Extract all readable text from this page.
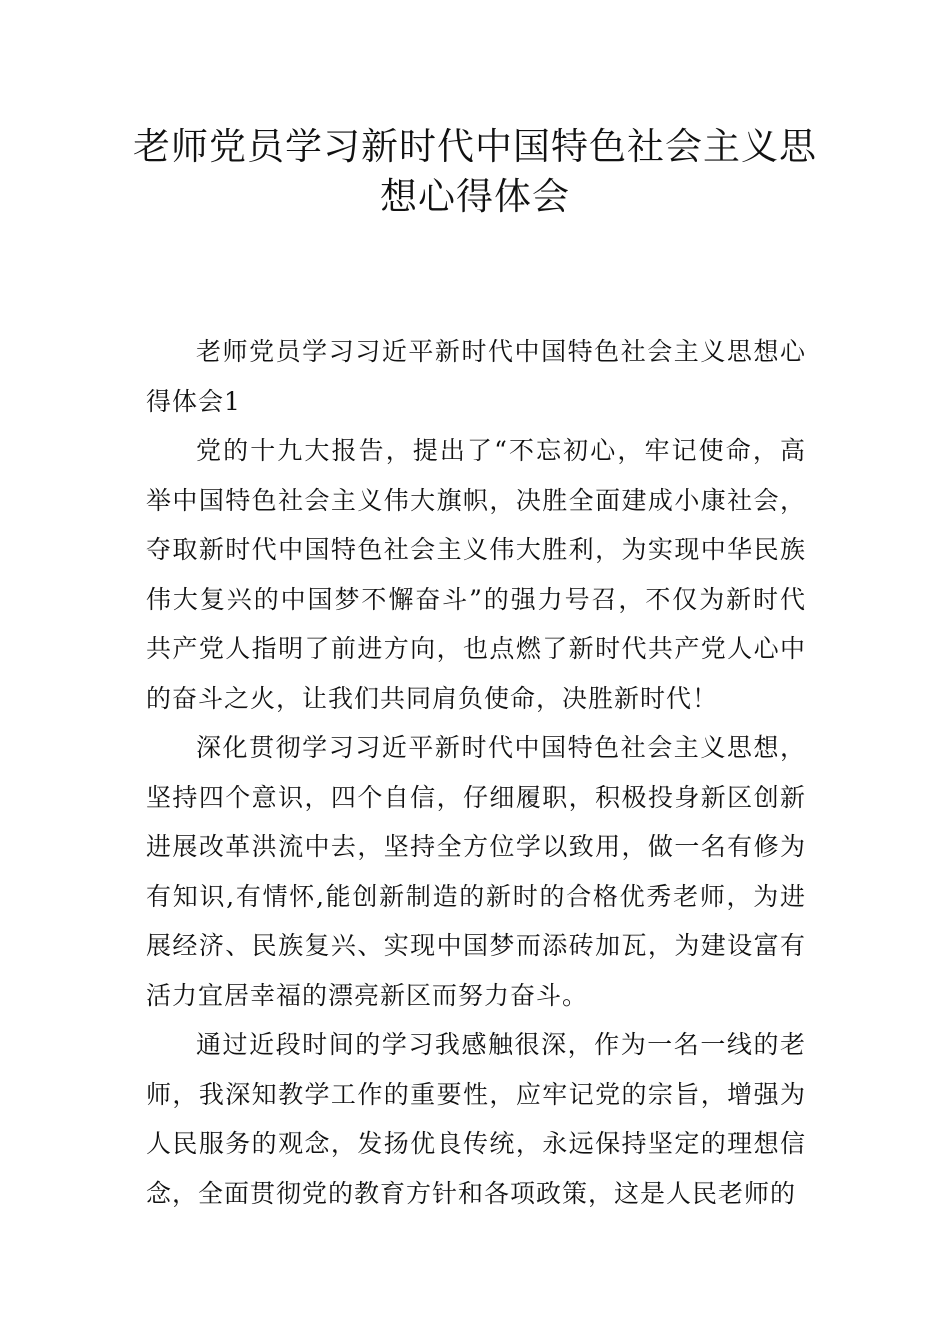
老师党员学习新时代中国特色社会主义思想心得体会

老师党员学习习近平新时代中国特色社会主义思想心得体会1

党的十九大报告，提出了“不忘初心，牢记使命，高举中国特色社会主义伟大旗帜，决胜全面建成小康社会，夺取新时代中国特色社会主义伟大胜利，为实现中华民族伟大复兴的中国梦不懈奋斗”的强力号召，不仅为新时代共产党人指明了前进方向，也点燃了新时代共产党人心中的奋斗之火，让我们共同肩负使命，决胜新时代！

深化贯彻学习习近平新时代中国特色社会主义思想，坚持四个意识，四个自信，仔细履职，积极投身新区创新进展改革洪流中去，坚持全方位学以致用，做一名有修为有知识,有情怀,能创新制造的新时的合格优秀老师，为进展经济、民族复兴、实现中国梦而添砖加瓦，为建设富有活力宜居幸福的漂亮新区而努力奋斗。

通过近段时间的学习我感触很深，作为一名一线的老师，我深知教学工作的重要性，应牢记党的宗旨，增强为人民服务的观念，发扬优良传统，永远保持坚定的理想信念，全面贯彻党的教育方针和各项政策，这是人民老师的
